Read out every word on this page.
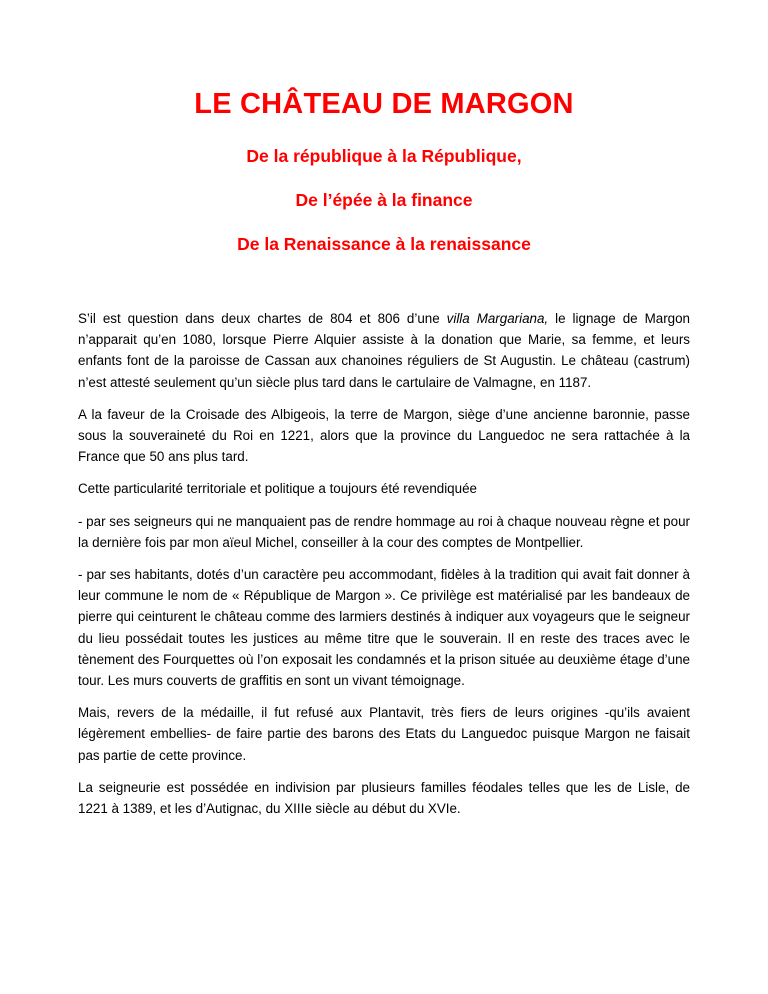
LE CHÂTEAU DE MARGON
De la république à la République,
De l’épée à la finance
De la Renaissance à la renaissance

S’il est question dans deux chartes de 804 et 806 d’une villa Margariana, le lignage de Margon n’apparait qu’en 1080, lorsque Pierre Alquier assiste à la donation que Marie, sa femme, et leurs enfants font de la paroisse de Cassan aux chanoines réguliers de St Augustin. Le château (castrum) n’est attesté seulement qu’un siècle plus tard dans le cartulaire de Valmagne, en 1187.

A la faveur de la Croisade des Albigeois, la terre de Margon, siège d’une ancienne baronnie, passe sous la souveraineté du Roi en 1221, alors que la province du Languedoc ne sera rattachée à la France que 50 ans plus tard.

Cette particularité territoriale et politique a toujours été revendiquée

- par ses seigneurs qui ne manquaient pas de rendre hommage au roi à chaque nouveau règne et pour la dernière fois par mon aïeul Michel, conseiller à la cour des comptes de Montpellier.

- par ses habitants, dotés d’un caractère peu accommodant, fidèles à la tradition qui avait fait donner à leur commune le nom de « République de Margon ». Ce privilège est matérialisé par les bandeaux de pierre qui ceinturent le château comme des larmiers destinés à indiquer aux voyageurs que le seigneur du lieu possédait toutes les justices au même titre que le souverain. Il en reste des traces avec le tènement des Fourquettes où l’on exposait les condamnés et la prison située au deuxième étage d’une tour. Les murs couverts de graffitis en sont un vivant témoignage.

Mais, revers de la médaille, il fut refusé aux Plantavit, très fiers de leurs origines -qu’ils avaient légèrement embellies- de faire partie des barons des Etats du Languedoc puisque Margon ne faisait pas partie de cette province.

La seigneurie est possédée en indivision par plusieurs familles féodales telles que les de Lisle, de 1221 à 1389, et les d’Autignac, du XIIIe siècle au début du XVIe.
